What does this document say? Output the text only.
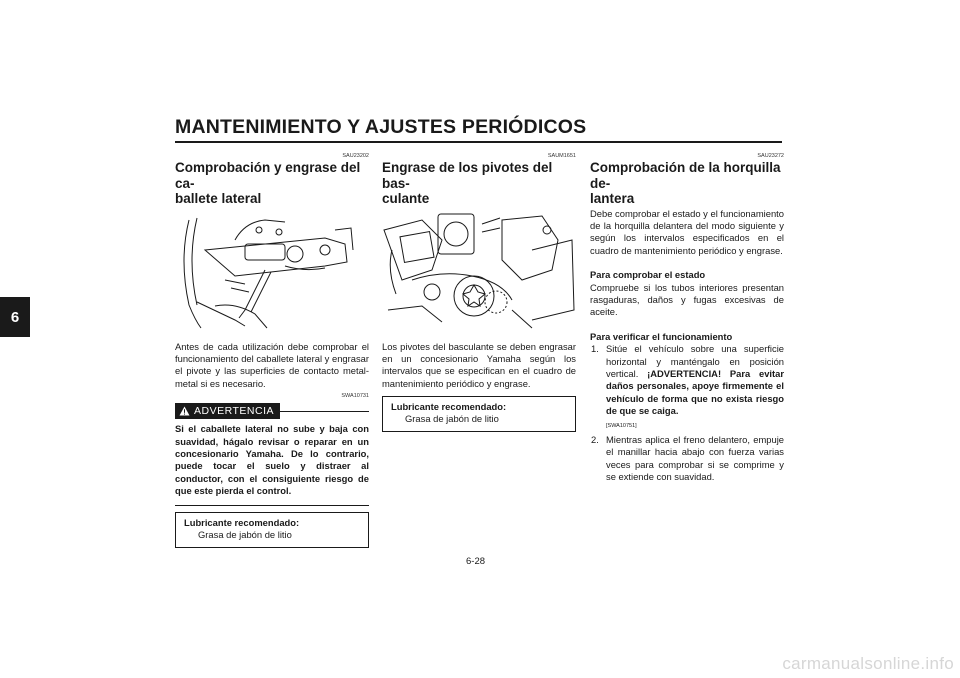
MANTENIMIENTO Y AJUSTES PERIÓDICOS
6
SAU23202
Comprobación y engrase del ca-
ballete lateral
Antes de cada utilización debe comprobar el funcionamiento del caballete lateral y engrasar el pivote y las superficies de contacto metal-metal si es necesario.
SWA10731
ADVERTENCIA
Si el caballete lateral no sube y baja con suavidad, hágalo revisar o reparar en un concesionario Yamaha. De lo contrario, puede tocar el suelo y distraer al conductor, con el consiguiente riesgo de que este pierda el control.
Lubricante recomendado:
Grasa de jabón de litio
SAUM1651
Engrase de los pivotes del bas-
culante
Los pivotes del basculante se deben engrasar en un concesionario Yamaha según los intervalos que se especifican en el cuadro de mantenimiento periódico y engrase.
Lubricante recomendado:
Grasa de jabón de litio
SAU23272
Comprobación de la horquilla de-
lantera
Debe comprobar el estado y el funcionamiento de la horquilla delantera del modo siguiente y según los intervalos especificados en el cuadro de mantenimiento periódico y engrase.
Para comprobar el estado
Compruebe si los tubos interiores presentan rasgaduras, daños y fugas excesivas de aceite.
Para verificar el funcionamiento
1. Sitúe el vehículo sobre una superficie horizontal y manténgalo en posición vertical. ¡ADVERTENCIA! Para evitar daños personales, apoye firmemente el vehículo de forma que no exista riesgo de que se caiga.
[SWA10751]
2. Mientras aplica el freno delantero, empuje el manillar hacia abajo con fuerza varias veces para comprobar si se comprime y se extiende con suavidad.
6-28
carmanualsonline.info
